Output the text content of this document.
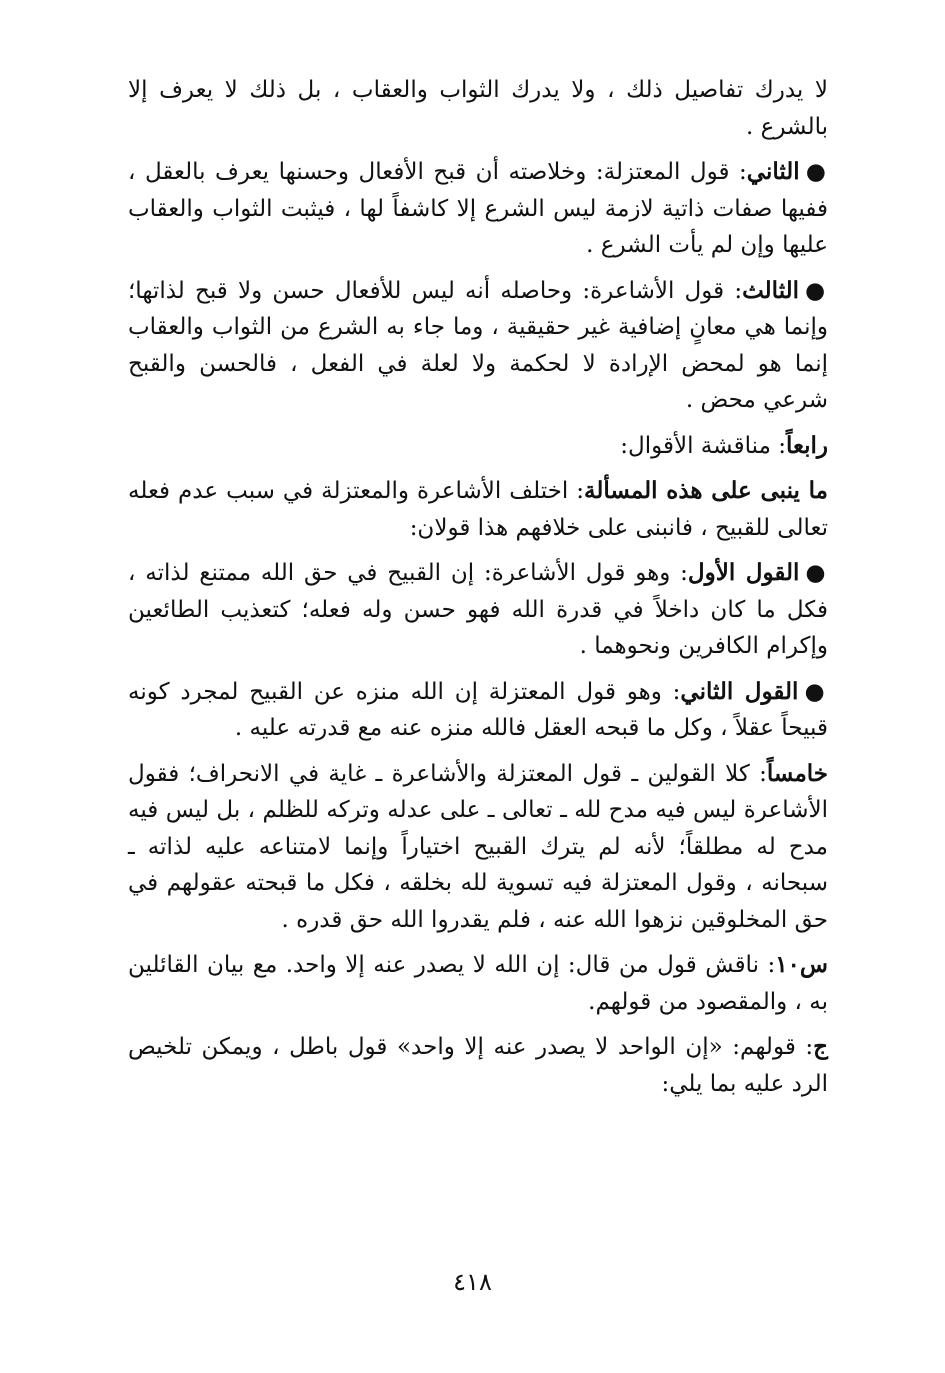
لا يدرك تفاصيل ذلك ، ولا يدرك الثواب والعقاب ، بل ذلك لا يعرف إلا بالشرع .

●الثاني: قول المعتزلة: وخلاصته أن قبح الأفعال وحسنها يعرف بالعقل ، ففيها صفات ذاتية لازمة ليس الشرع إلا كاشفاً لها ، فيثبت الثواب والعقاب عليها وإن لم يأت الشرع .

●الثالث: قول الأشاعرة: وحاصله أنه ليس للأفعال حسن ولا قبح لذاتها؛ وإنما هي معانٍ إضافية غير حقيقية ، وما جاء به الشرع من الثواب والعقاب إنما هو لمحض الإرادة لا لحكمة ولا لعلة في الفعل ، فالحسن والقبح شرعي محض .

رابعاً: مناقشة الأقوال:

ما ينبى على هذه المسألة: اختلف الأشاعرة والمعتزلة في سبب عدم فعله تعالى للقبيح ، فانبنى على خلافهم هذا قولان:

●القول الأول: وهو قول الأشاعرة: إن القبيح في حق الله ممتنع لذاته ، فكل ما كان داخلاً في قدرة الله فهو حسن وله فعله؛ كتعذيب الطائعين وإكرام الكافرين ونحوهما .

●القول الثاني: وهو قول المعتزلة إن الله منزه عن القبيح لمجرد كونه قبيحاً عقلاً ، وكل ما قبحه العقل فالله منزه عنه مع قدرته عليه .

خامساً: كلا القولين ـ قول المعتزلة والأشاعرة ـ غاية في الانحراف؛ فقول الأشاعرة ليس فيه مدح لله ـ تعالى ـ على عدله وتركه للظلم ، بل ليس فيه مدح له مطلقاً؛ لأنه لم يترك القبيح اختياراً وإنما لامتناعه عليه لذاته ـ سبحانه ، وقول المعتزلة فيه تسوية لله بخلقه ، فكل ما قبحته عقولهم في حق المخلوقين نزهوا الله عنه ، فلم يقدروا الله حق قدره .

س١٠: ناقش قول من قال: إن الله لا يصدر عنه إلا واحد. مع بيان القائلين به ، والمقصود من قولهم.

ج: قولهم: «إن الواحد لا يصدر عنه إلا واحد» قول باطل ، ويمكن تلخيص الرد عليه بما يلي:

٤١٨
